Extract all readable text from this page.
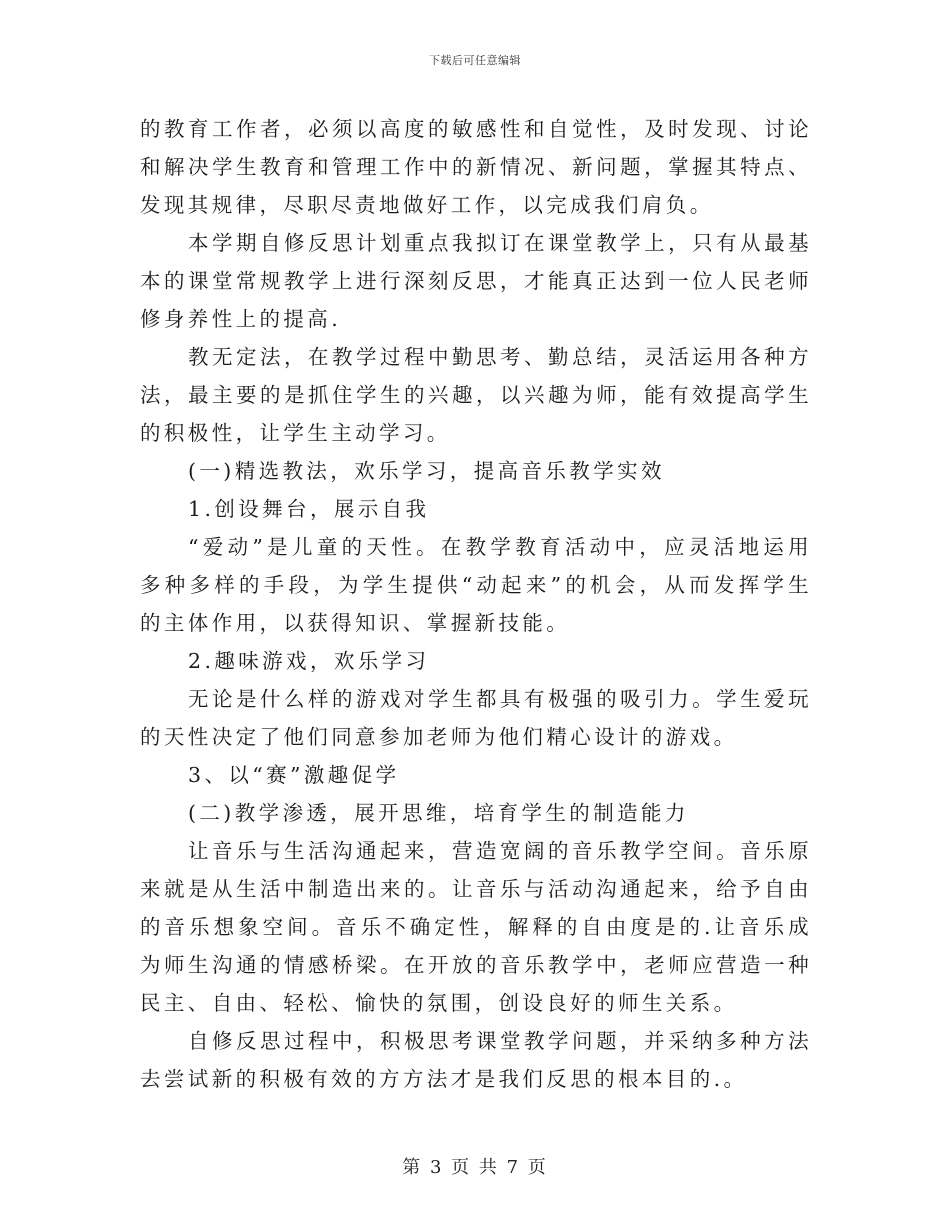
下载后可任意编辑

的教育工作者，必须以高度的敏感性和自觉性，及时发现、讨论和解决学生教育和管理工作中的新情况、新问题，掌握其特点、发现其规律，尽职尽责地做好工作，以完成我们肩负。

本学期自修反思计划重点我拟订在课堂教学上，只有从最基本的课堂常规教学上进行深刻反思，才能真正达到一位人民老师修身养性上的提高.

教无定法，在教学过程中勤思考、勤总结，灵活运用各种方法，最主要的是抓住学生的兴趣，以兴趣为师，能有效提高学生的积极性，让学生主动学习。

(一)精选教法，欢乐学习，提高音乐教学实效

1.创设舞台，展示自我

“爱动”是儿童的天性。在教学教育活动中，应灵活地运用多种多样的手段，为学生提供“动起来”的机会，从而发挥学生的主体作用，以获得知识、掌握新技能。

2.趣味游戏，欢乐学习

无论是什么样的游戏对学生都具有极强的吸引力。学生爱玩的天性决定了他们同意参加老师为他们精心设计的游戏。

3、以“赛”激趣促学

(二)教学渗透，展开思维，培育学生的制造能力

让音乐与生活沟通起来，营造宽阔的音乐教学空间。音乐原来就是从生活中制造出来的。让音乐与活动沟通起来，给予自由的音乐想象空间。音乐不确定性，解释的自由度是的.让音乐成为师生沟通的情感桥梁。在开放的音乐教学中，老师应营造一种民主、自由、轻松、愉快的氛围，创设良好的师生关系。

自修反思过程中，积极思考课堂教学问题，并采纳多种方法去尝试新的积极有效的方方法才是我们反思的根本目的.。

第 3 页 共 7 页
